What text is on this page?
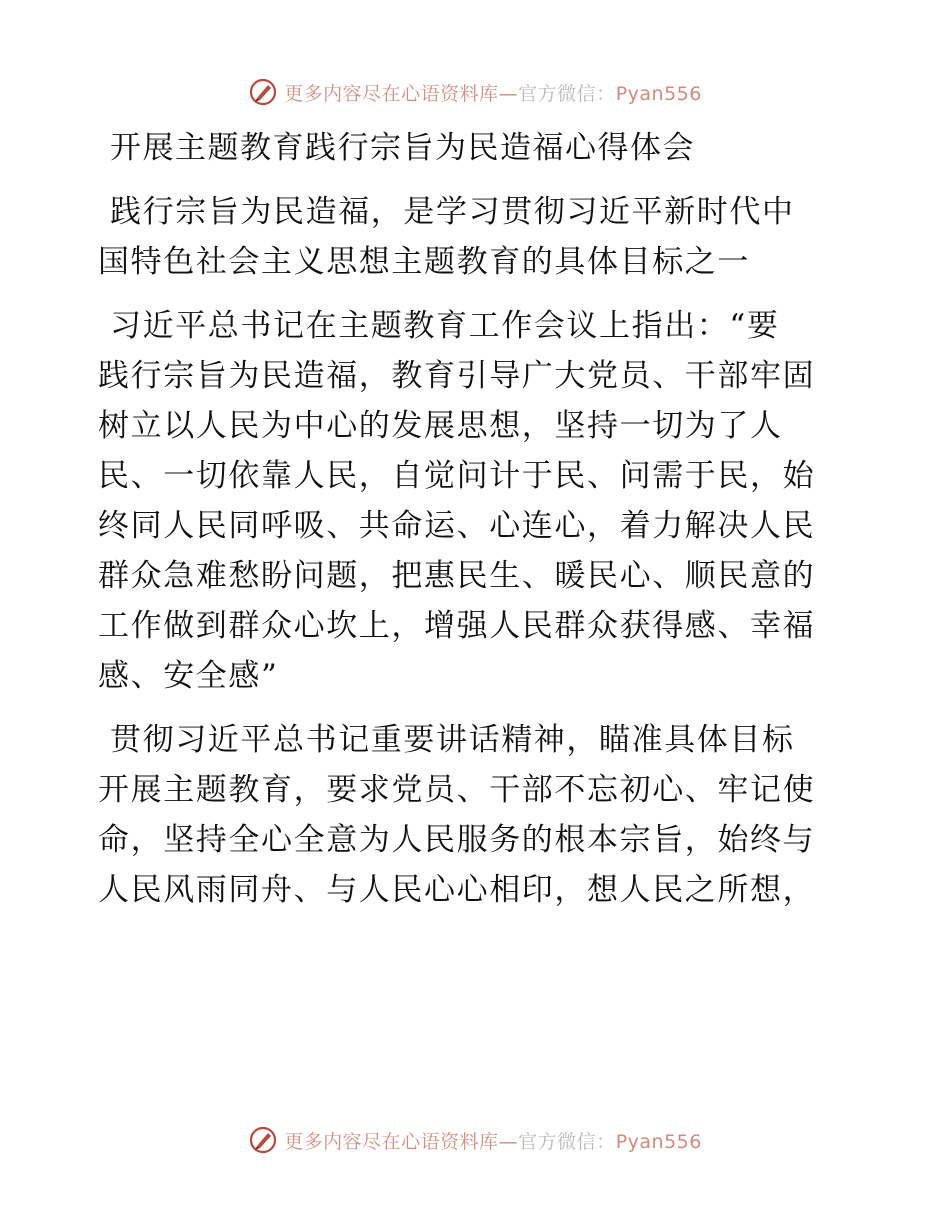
更多内容尽在心语资料库—官方微信：Pyan556
开展主题教育践行宗旨为民造福心得体会
践行宗旨为民造福，是学习贯彻习近平新时代中
国特色社会主义思想主题教育的具体目标之一
习近平总书记在主题教育工作会议上指出：“要
践行宗旨为民造福，教育引导广大党员、干部牢固
树立以人民为中心的发展思想，坚持一切为了人
民、一切依靠人民，自觉问计于民、问需于民，始
终同人民同呼吸、共命运、心连心，着力解决人民
群众急难愁盼问题，把惠民生、暖民心、顺民意的
工作做到群众心坎上，增强人民群众获得感、幸福
感、安全感”
贯彻习近平总书记重要讲话精神，瞄准具体目标
开展主题教育，要求党员、干部不忘初心、牢记使
命，坚持全心全意为人民服务的根本宗旨，始终与
人民风雨同舟、与人民心心相印，想人民之所想，
更多内容尽在心语资料库—官方微信：Pyan556
